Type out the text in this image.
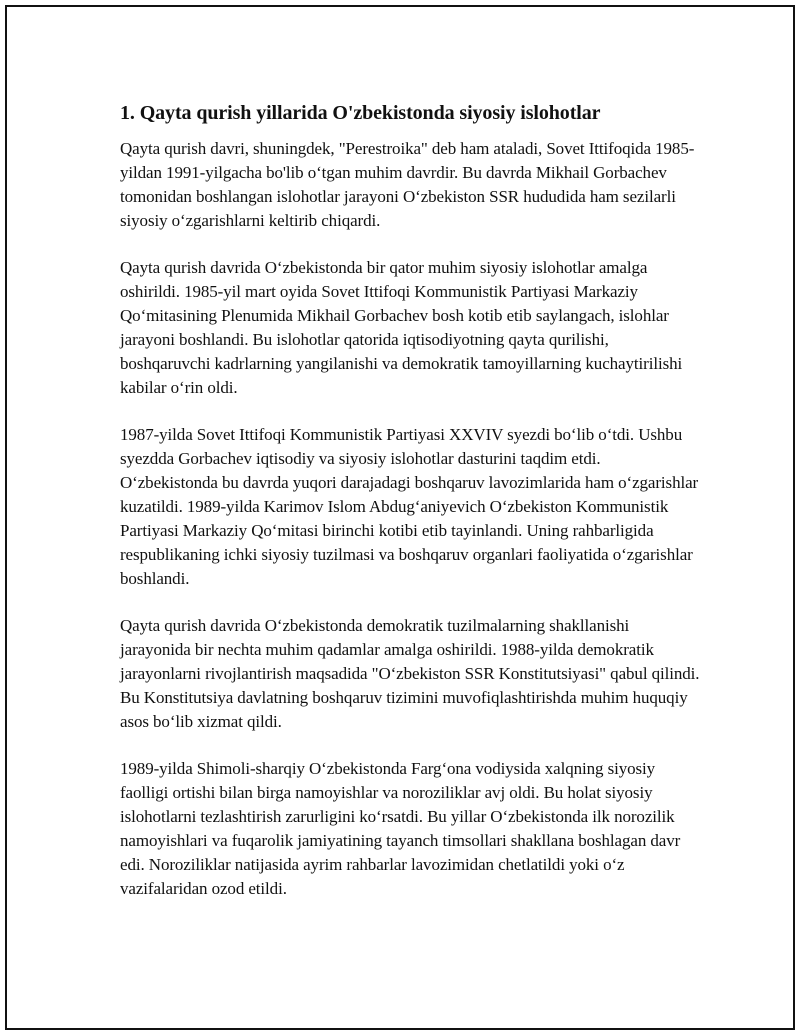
1. Qayta qurish yillarida O'zbekistonda siyosiy islohotlar

Qayta qurish davri, shuningdek, "Perestroika" deb ham ataladi, Sovet Ittifoqida 1985-yildan 1991-yilgacha bo'lib o‘tgan muhim davrdir. Bu davrda Mikhail Gorbachev tomonidan boshlangan islohotlar jarayoni O‘zbekiston SSR hududida ham sezilarli siyosiy o‘zgarishlarni keltirib chiqardi.

Qayta qurish davrida O‘zbekistonda bir qator muhim siyosiy islohotlar amalga oshirildi. 1985-yil mart oyida Sovet Ittifoqi Kommunistik Partiyasi Markaziy Qo‘mitasining Plenumida Mikhail Gorbachev bosh kotib etib saylangach, islohlar jarayoni boshlandi. Bu islohotlar qatorida iqtisodiyotning qayta qurilishi, boshqaruvchi kadrlarning yangilanishi va demokratik tamoyillarning kuchaytirilishi kabilar o‘rin oldi.

1987-yilda Sovet Ittifoqi Kommunistik Partiyasi XXVIV syezdi bo‘lib o‘tdi. Ushbu syezdda Gorbachev iqtisodiy va siyosiy islohotlar dasturini taqdim etdi. O‘zbekistonda bu davrda yuqori darajadagi boshqaruv lavozimlarida ham o‘zgarishlar kuzatildi. 1989-yilda Karimov Islom Abdug‘aniyevich O‘zbekiston Kommunistik Partiyasi Markaziy Qo‘mitasi birinchi kotibi etib tayinlandi. Uning rahbarligida respublikaning ichki siyosiy tuzilmasi va boshqaruv organlari faoliyatida o‘zgarishlar boshlandi.

Qayta qurish davrida O‘zbekistonda demokratik tuzilmalarning shakllanishi jarayonida bir nechta muhim qadamlar amalga oshirildi. 1988-yilda demokratik jarayonlarni rivojlantirish maqsadida "O‘zbekiston SSR Konstitutsiyasi" qabul qilindi. Bu Konstitutsiya davlatning boshqaruv tizimini muvofiqlashtirishda muhim huquqiy asos bo‘lib xizmat qildi.

1989-yilda Shimoli-sharqiy O‘zbekistonda Farg‘ona vodiysida xalqning siyosiy faolligi ortishi bilan birga namoyishlar va noroziliklar avj oldi. Bu holat siyosiy islohotlarni tezlashtirish zarurligini ko‘rsatdi. Bu yillar O‘zbekistonda ilk norozilik namoyishlari va fuqarolik jamiyatining tayanch timsollari shakllana boshlagan davr edi. Noroziliklar natijasida ayrim rahbarlar lavozimidan chetlatildi yoki o‘z vazifalaridan ozod etildi.
